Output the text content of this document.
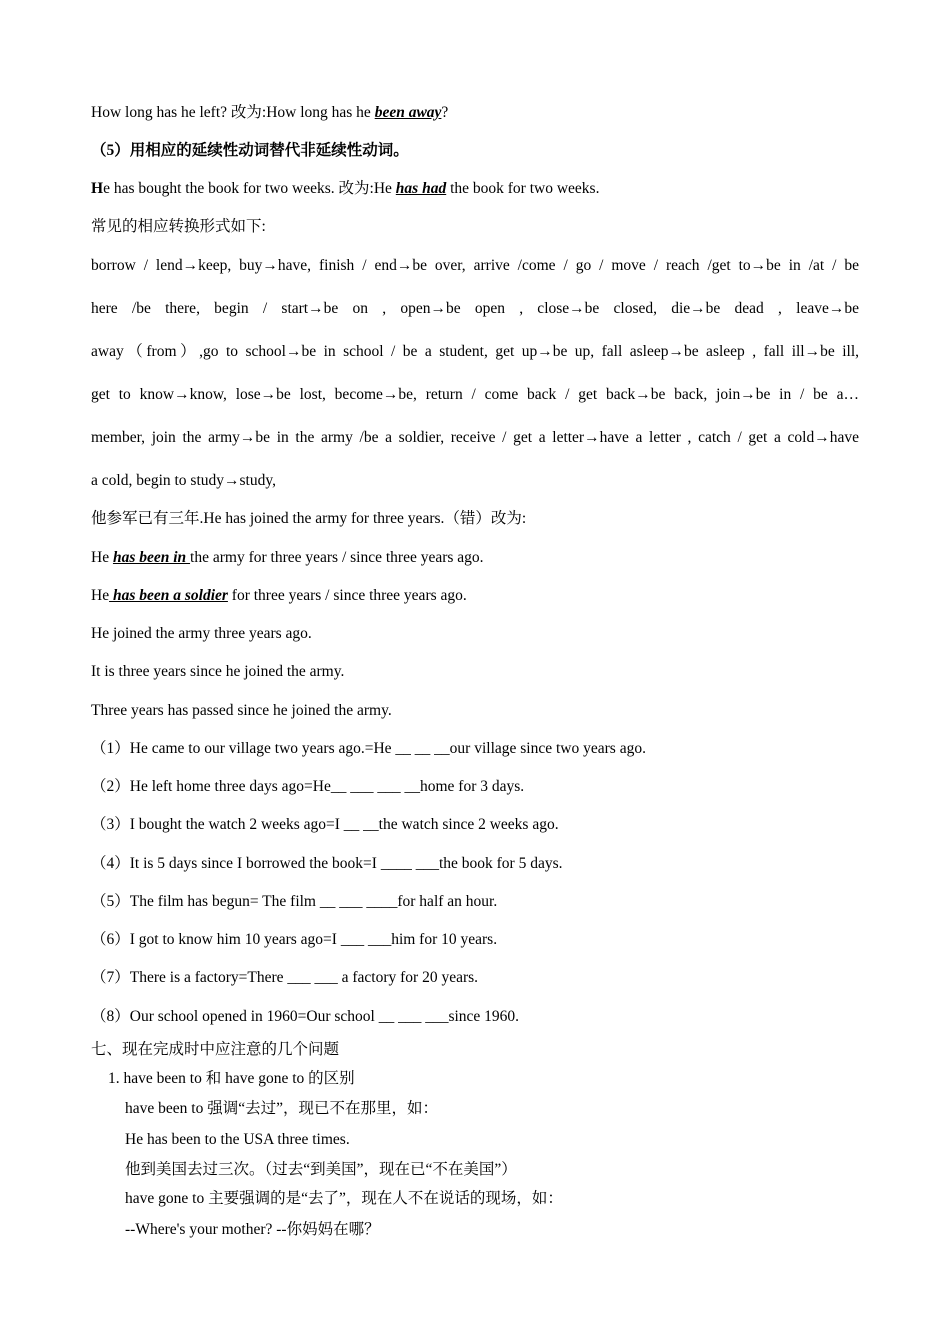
How long has he left? 改为:How long has he been away?
（5）用相应的延续性动词替代非延续性动词。
He has bought the book for two weeks. 改为:He has had the book for two weeks.
常见的相应转换形式如下:
borrow / lend→keep, buy→have, finish / end→be over, arrive /come / go / move / reach /get to→be in /at / be
here /be there, begin / start→be on , open→be open , close→be closed, die→be dead , leave→be
away（from）,go to school→be in school / be a student, get up→be up, fall asleep→be asleep , fall ill→be ill,
get to know→know, lose→be lost, become→be, return / come back / get back→be back, join→be in / be a…
member, join the army→be in the army /be a soldier, receive / get a letter→have a letter , catch / get a cold→have
a cold, begin to study→study,
他参军已有三年.He has joined the army for three years.（错）改为:
He has been in the army for three years / since three years ago.
He has been a soldier for three years / since three years ago.
He joined the army three years ago.
It is three years since he joined the army.
Three years has passed since he joined the army.
（1）He came to our village two years ago.=He __ __ __our village since two years ago.
（2）He left home three days ago=He__ ___ ___ __home for 3 days.
（3）I bought the watch 2 weeks ago=I __ __the watch since 2 weeks ago.
（4）It is 5 days since I borrowed the book=I ____ ___the book for 5 days.
（5）The film has begun= The film __ ___ ____for half an hour.
（6）I got to know him 10 years ago=I ___ ___him for 10 years.
（7）There is a factory=There ___ ___ a factory for 20 years.
（8）Our school opened in 1960=Our school __ ___ ___since 1960.
七、现在完成时中应注意的几个问题
1. have been to 和 have gone to 的区别
have been to 强调“去过”，现已不在那里，如：
He has been to the USA three times.
他到美国去过三次。（过去“到美国”，现在已“不在美国”）
have gone to 主要强调的是“去了”，现在人不在说话的现场，如：
--Where's your mother? --你妈妈在哪？
